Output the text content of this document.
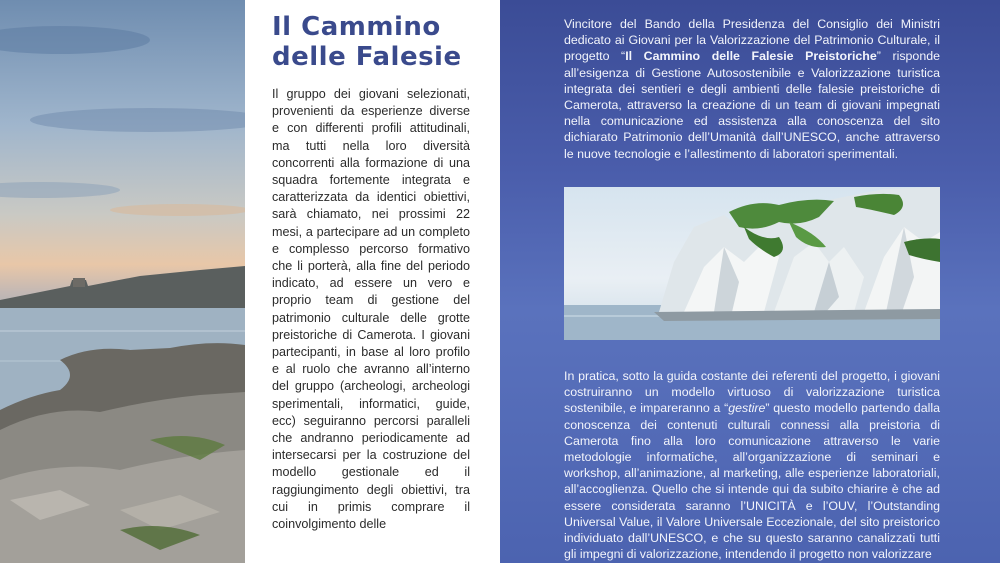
Il Cammino
delle Falesie

Il gruppo dei giovani selezionati, provenienti da esperienze diverse e con differenti profili attitudinali, ma tutti nella loro diversità concorrenti alla formazione di una squadra fortemente integrata e caratterizzata da identici obiettivi, sarà chiamato, nei prossimi 22 mesi, a partecipare ad un completo e complesso percorso formativo che li porterà, alla fine del periodo indicato, ad essere un vero e proprio team di gestione del patrimonio culturale delle grotte preistoriche di Camerota. I giovani partecipanti, in base al loro profilo e al ruolo che avranno all’interno del gruppo (archeologi, archeologi sperimentali, informatici, guide, ecc) seguiranno percorsi paralleli che andranno periodicamente ad intersecarsi per la costruzione del modello gestionale ed il raggiungimento degli obiettivi, tra cui in primis comprare il coinvolgimento delle

Vincitore del Bando della Presidenza del Consiglio dei Ministri dedicato ai Giovani per la Valorizzazione del Patrimonio Culturale, il progetto “Il Cammino delle Falesie Preistoriche” risponde all’esigenza di Gestione Autosostenibile e Valorizzazione turistica integrata dei sentieri e degli ambienti delle falesie preistoriche di Camerota, attraverso la creazione di un team di giovani impegnati nella comunicazione ed assistenza alla conoscenza del sito dichiarato Patrimonio dell’Umanità dall’UNESCO, anche attraverso le nuove tecnologie e l’allestimento di laboratori sperimentali.

In pratica, sotto la guida costante dei referenti del progetto, i giovani costruiranno un modello virtuoso di valorizzazione turistica sostenibile, e impareranno a “gestire” questo modello partendo dalla conoscenza dei contenuti culturali connessi alla preistoria di Camerota fino alla loro comunicazione attraverso le varie metodologie informatiche, all’organizzazione di seminari e workshop, all’animazione, al marketing, alle esperienze laboratoriali, all’accoglienza. Quello che si intende qui da subito chiarire è che ad essere considerata saranno l’UNICITÀ e l’OUV, l’Outstanding Universal Value, il Valore Universale Eccezionale, del sito preistorico individuato dall’UNESCO, e che su questo saranno canalizzati tutti gli impegni di valorizzazione, intendendo il progetto non valorizzare
